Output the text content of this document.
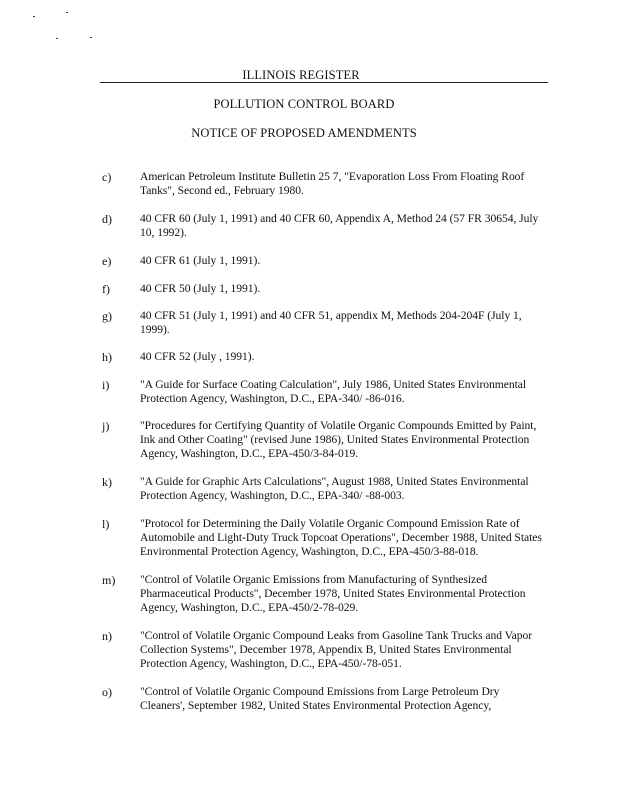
ILLINOIS REGISTER
POLLUTION CONTROL BOARD
NOTICE OF PROPOSED AMENDMENTS
c) American Petroleum Institute Bulletin 25 7, "Evaporation Loss From Floating Roof Tanks", Second ed., February 1980.
d) 40 CFR 60 (July 1, 1991) and 40 CFR 60, Appendix A, Method 24 (57 FR 30654, July 10, 1992).
e) 40 CFR 61 (July 1, 1991).
f)	40 CFR 50 (July 1, 1991).
g) 40 CFR 51 (July 1, 1991) and 40 CFR 51, appendix M, Methods 204-204F (July 1, 1999).
h) 40 CFR 52 (July , 1991).
i)	"A Guide for Surface Coating Calculation", July 1986, United States Environmental Protection Agency, Washington, D.C., EPA-340/ -86-016.
j)	"Procedures for Certifying Quantity of Volatile Organic Compounds Emitted by Paint, Ink and Other Coating" (revised June 1986), United States Environmental Protection Agency, Washington, D.C., EPA-450/3-84-019.
k) "A Guide for Graphic Arts Calculations", August 1988, United States Environmental Protection Agency, Washington, D.C., EPA-340/ -88-003.
l)	"Protocol for Determining the Daily Volatile Organic Compound Emission Rate of Automobile and Light-Duty Truck Topcoat Operations", December 1988, United States Environmental Protection Agency, Washington, D.C., EPA-450/3-88-018.
m) "Control of Volatile Organic Emissions from Manufacturing of Synthesized Pharmaceutical Products", December 1978, United States Environmental Protection Agency, Washington, D.C., EPA-450/2-78-029.
n) "Control of Volatile Organic Compound Leaks from Gasoline Tank Trucks and Vapor Collection Systems", December 1978, Appendix B, United States Environmental Protection Agency, Washington, D.C., EPA-450/-78-051.
o) "Control of Volatile Organic Compound Emissions from Large Petroleum Dry Cleaners', September 1982, United States Environmental Protection Agency,
